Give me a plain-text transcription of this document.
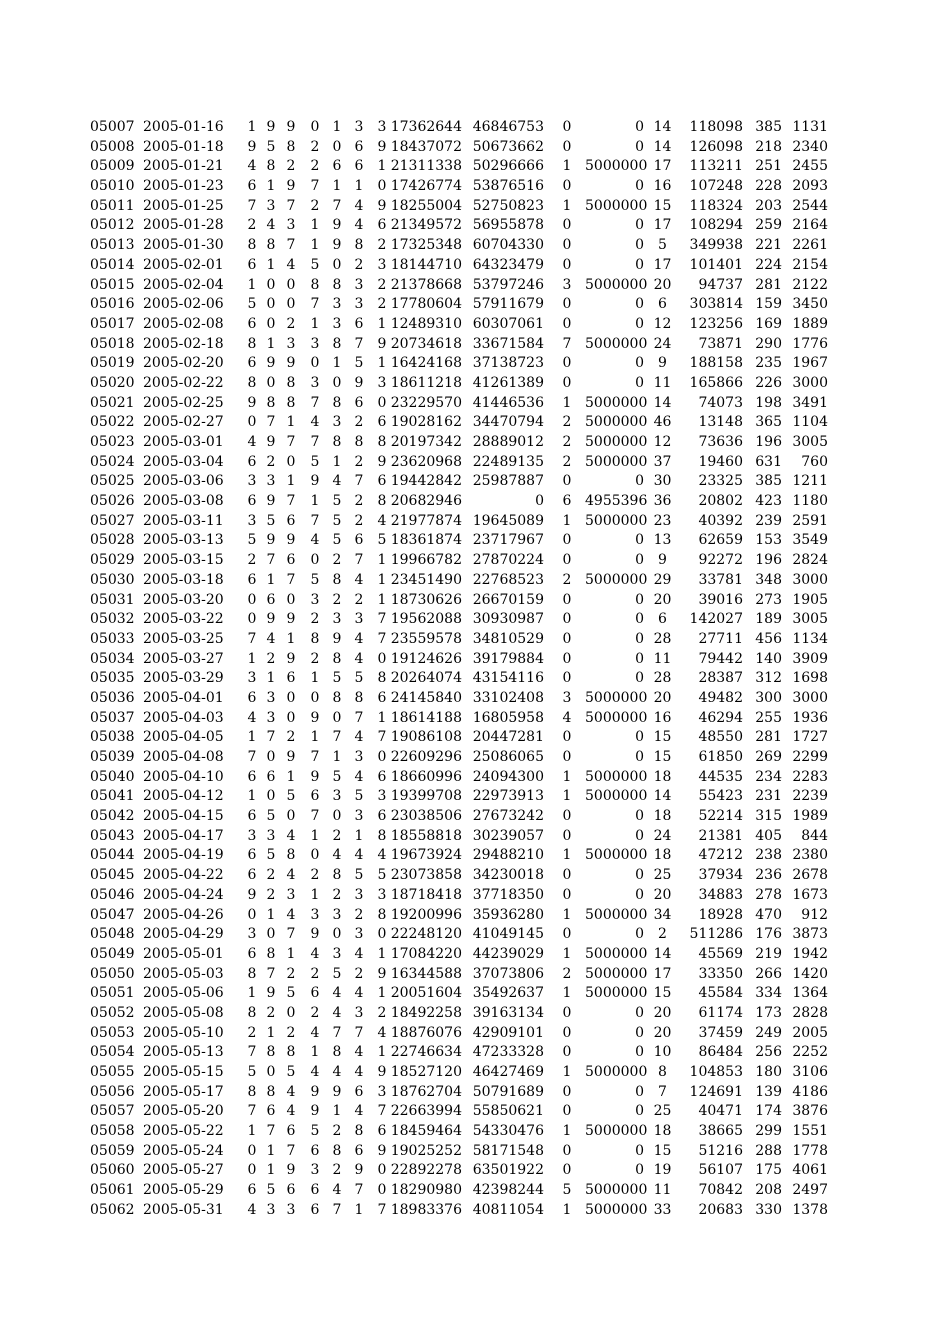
05007 2005-01-16	1 9 9	0 1 3	3 17362644 46846753	0	0 14	118098 385 1131
05008 2005-01-18	9 5 8	2 0 6	9 18437072 50673662	0	0 14	126098 218 2340
05009 2005-01-21	4 8 2	2 6 6	1 21311338 50296666	1 5000000 17	113211 251 2455
05010 2005-01-23	6 1 9	7 1 1	0 17426774 53876516	0	0 16	107248 228 2093
05011 2005-01-25	7 3 7	2 7 4	9 18255004 52750823	1 5000000 15	118324 203 2544
05012 2005-01-28	2 4 3	1 9 4	6 21349572 56955878	0	0 17	108294 259 2164
05013 2005-01-30	8 8 7	1 9 8	2 17325348 60704330	0	0	5	349938 221 2261
05014 2005-02-01	6 1 4	5 0 2	3 18144710 64323479	0	0 17	101401 224 2154
05015 2005-02-04	1 0 0	8 8 3	2 21378668 53797246	3 5000000 20	94737 281 2122
05016 2005-02-06	5 0 0	7 3 3	2 17780604 57911679	0	0	6	303814 159 3450
05017 2005-02-08	6 0 2	1 3 6	1 12489310 60307061	0	0 12	123256 169 1889
05018 2005-02-18	8 1 3	3 8 7	9 20734618 33671584	7 5000000 24	73871 290 1776
05019 2005-02-20	6 9 9	0 1 5	1 16424168 37138723	0	0	9	188158 235 1967
05020 2005-02-22	8 0 8	3 0 9	3 18611218 41261389	0	0 11	165866 226 3000
05021 2005-02-25	9 8 8	7 8 6	0 23229570 41446536	1 5000000 14	74073 198 3491
05022 2005-02-27	0 7 1	4 3 2	6 19028162 34470794	2 5000000 46	13148 365 1104
05023 2005-03-01	4 9 7	7 8 8	8 20197342 28889012	2 5000000 12	73636 196 3005
05024 2005-03-04	6 2 0	5 1 2	9 23620968 22489135	2 5000000 37	19460 631	760
05025 2005-03-06	3 3 1	9 4 7	6 19442842 25987887	0	0 30	23325 385 1211
05026 2005-03-08	6 9 7	1 5 2	8 20682946	0	6 4955396 36	20802 423 1180
05027 2005-03-11	3 5 6	7 5 2	4 21977874 19645089	1 5000000 23	40392 239 2591
05028 2005-03-13	5 9 9	4 5 6	5 18361874 23717967	0	0 13	62659 153 3549
05029 2005-03-15	2 7 6	0 2 7	1 19966782 27870224	0	0	9	92272 196 2824
05030 2005-03-18	6 1 7	5 8 4	1 23451490 22768523	2 5000000 29	33781 348 3000
05031 2005-03-20	0 6 0	3 2 2	1 18730626 26670159	0	0 20	39016 273 1905
05032 2005-03-22	0 9 9	2 3 3	7 19562088 30930987	0	0	6	142027 189 3005
05033 2005-03-25	7 4 1	8 9 4	7 23559578 34810529	0	0 28	27711 456 1134
05034 2005-03-27	1 2 9	2 8 4	0 19124626 39179884	0	0 11	79442 140 3909
05035 2005-03-29	3 1 6	1 5 5	8 20264074 43154116	0	0 28	28387 312 1698
05036 2005-04-01	6 3 0	0 8 8	6 24145840 33102408	3 5000000 20	49482 300 3000
05037 2005-04-03	4 3 0	9 0 7	1 18614188 16805958	4 5000000 16	46294 255 1936
05038 2005-04-05	1 7 2	1 7 4	7 19086108 20447281	0	0 15	48550 281 1727
05039 2005-04-08	7 0 9	7 1 3	0 22609296 25086065	0	0 15	61850 269 2299
05040 2005-04-10	6 6 1	9 5 4	6 18660996 24094300	1 5000000 18	44535 234 2283
05041 2005-04-12	1 0 5	6 3 5	3 19399708 22973913	1 5000000 14	55423 231 2239
05042 2005-04-15	6 5 0	7 0 3	6 23038506 27673242	0	0 18	52214 315 1989
05043 2005-04-17	3 3 4	1 2 1	8 18558818 30239057	0	0 24	21381 405	844
05044 2005-04-19	6 5 8	0 4 4	4 19673924 29488210	1 5000000 18	47212 238 2380
05045 2005-04-22	6 2 4	2 8 5	5 23073858 34230018	0	0 25	37934 236 2678
05046 2005-04-24	9 2 3	1 2 3	3 18718418 37718350	0	0 20	34883 278 1673
05047 2005-04-26	0 1 4	3 3 2	8 19200996 35936280	1 5000000 34	18928 470	912
05048 2005-04-29	3 0 7	9 0 3	0 22248120 41049145	0	0	2	511286 176 3873
05049 2005-05-01	6 8 1	4 3 4	1 17084220 44239029	1 5000000 14	45569 219 1942
05050 2005-05-03	8 7 2	2 5 2	9 16344588 37073806	2 5000000 17	33350 266 1420
05051 2005-05-06	1 9 5	6 4 4	1 20051604 35492637	1 5000000 15	45584 334 1364
05052 2005-05-08	8 2 0	2 4 3	2 18492258 39163134	0	0 20	61174 173 2828
05053 2005-05-10	2 1 2	4 7 7	4 18876076 42909101	0	0 20	37459 249 2005
05054 2005-05-13	7 8 8	1 8 4	1 22746634 47233328	0	0 10	86484 256 2252
05055 2005-05-15	5 0 5	4 4 4	9 18527120 46427469	1 5000000 8	104853 180 3106
05056 2005-05-17	8 8 4	9 9 6	3 18762704 50791689	0	0	7	124691 139 4186
05057 2005-05-20	7 6 4	9 1 4	7 22663994 55850621	0	0 25	40471 174 3876
05058 2005-05-22	1 7 6	5 2 8	6 18459464 54330476	1 5000000 18	38665 299 1551
05059 2005-05-24	0 1 7	6 8 6	9 19025252 58171548	0	0 15	51216 288 1778
05060 2005-05-27	0 1 9	3 2 9	0 22892278 63501922	0	0 19	56107 175 4061
05061 2005-05-29	6 5 6	6 4 7	0 18290980 42398244	5 5000000 11	70842 208 2497
05062 2005-05-31	4 3 3	6 7 1	7 18983376 40811054	1 5000000 33	20683 330 1378
